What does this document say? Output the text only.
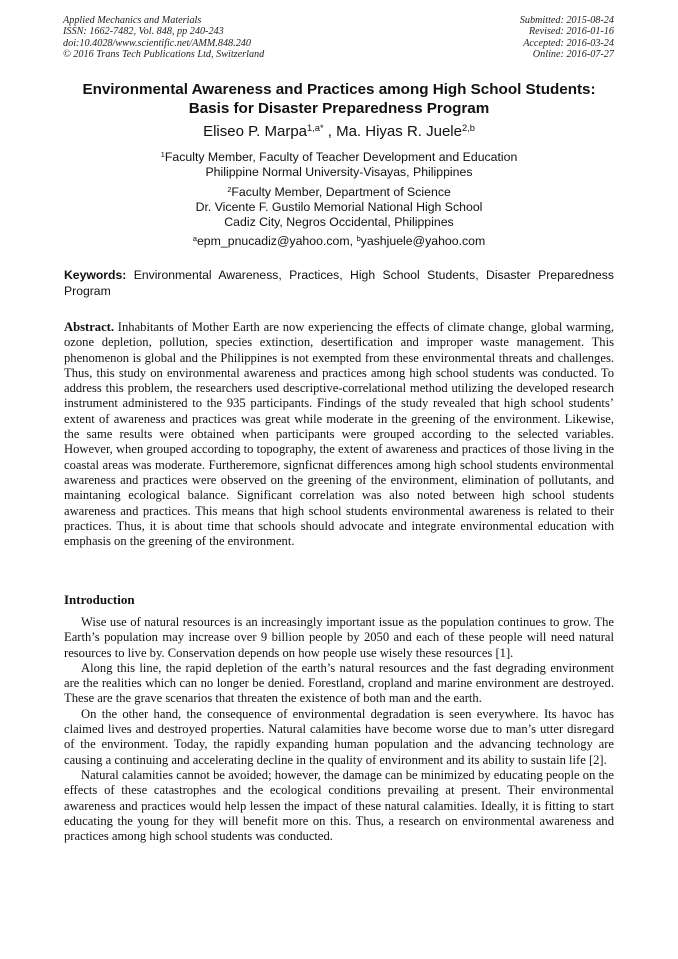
Applied Mechanics and Materials
ISSN: 1662-7482, Vol. 848, pp 240-243
doi:10.4028/www.scientific.net/AMM.848.240
© 2016 Trans Tech Publications Ltd, Switzerland
Submitted: 2015-08-24
Revised: 2016-01-16
Accepted: 2016-03-24
Online: 2016-07-27
Environmental Awareness and Practices among High School Students:
Basis for Disaster Preparedness Program
Eliseo P. Marpa$^{1,a*}$ , Ma. Hiyas R. Juele$^{2,b}$
$^1$Faculty Member, Faculty of Teacher Development and Education
Philippine Normal University-Visayas, Philippines
$^2$Faculty Member, Department of Science
Dr. Vicente F. Gustilo Memorial National High School
Cadiz City, Negros Occidental, Philippines
$^a$epm_pnucadiz@yahoo.com, $^b$yashjuele@yahoo.com
Keywords: Environmental Awareness, Practices, High School Students, Disaster Preparedness Program
Abstract. Inhabitants of Mother Earth are now experiencing the effects of climate change, global warming, ozone depletion, pollution, species extinction, desertification and improper waste management. This phenomenon is global and the Philippines is not exempted from these environmental threats and challenges. Thus, this study on environmental awareness and practices among high school students was conducted. To address this problem, the researchers used descriptive-correlational method utilizing the developed research instrument administered to the 935 participants. Findings of the study revealed that high school students’ extent of awareness and practices was great while moderate in the greening of the environment. Likewise, the same results were obtained when participants were grouped according to the selected variables. However, when grouped according to topography, the extent of awareness and practices of those living in the coastal areas was moderate. Furtheremore, signficnat differences among high school students environmental awareness and practices were observed on the greening of the environment, elimination of pollutants, and maintaning ecological balance. Significant correlation was also noted between high school students awareness and practices. This means that high school students environmental awareness is related to their practices. Thus, it is about time that schools should advocate and integrate environmental education with emphasis on the greening of the environment.
Introduction

Wise use of natural resources is an increasingly important issue as the population continues to grow. The Earth’s population may increase over 9 billion people by 2050 and each of these people will need natural resources to live by. Conservation depends on how people use wisely these resources [1].

Along this line, the rapid depletion of the earth’s natural resources and the fast degrading environment are the realities which can no longer be denied. Forestland, cropland and marine environment are destroyed. These are the grave scenarios that threaten the existence of both man and the earth.

On the other hand, the consequence of environmental degradation is seen everywhere. Its havoc has claimed lives and destroyed properties. Natural calamities have become worse due to man’s utter disregard of the environment. Today, the rapidly expanding human population and the advancing technology are causing a continuing and accelerating decline in the quality of environment and its ability to sustain life [2].

Natural calamities cannot be avoided; however, the damage can be minimized by educating people on the effects of these catastrophes and the ecological conditions prevailing at present. Their environmental awareness and practices would help lessen the impact of these natural calamities. Ideally, it is fitting to start educating the young for they will benefit more on this. Thus, a research on environmental awareness and practices among high school students was conducted.
